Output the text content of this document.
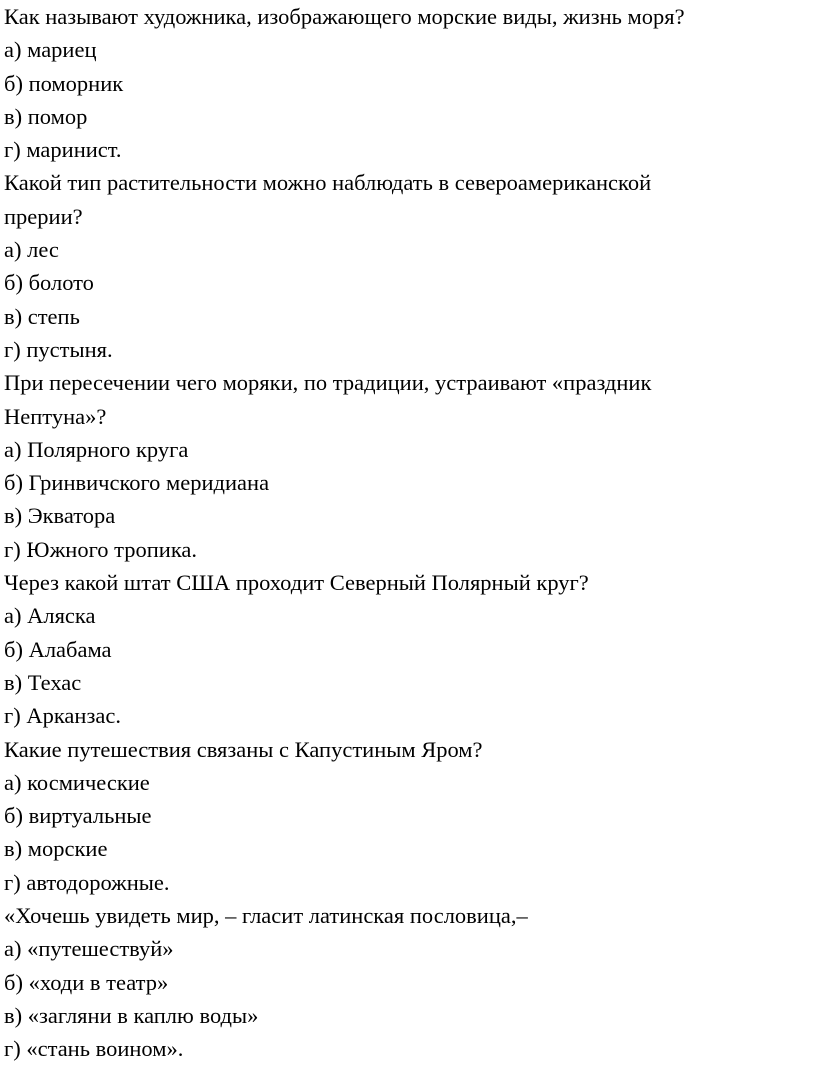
Как называют художника, изображающего морские виды, жизнь моря?
а) мариец
б) поморник
в) помор
г) маринист.
Какой тип растительности можно наблюдать в североамериканской
прерии?
а) лес
б) болото
в) степь
г) пустыня.
При пересечении чего моряки, по традиции, устраивают «праздник
Нептуна»?
а) Полярного круга
б) Гринвичского меридиана
в) Экватора
г) Южного тропика.
Через какой штат США проходит Северный Полярный круг?
а) Аляска
б) Алабама
в) Техас
г) Арканзас.
Какие путешествия связаны с Капустиным Яром?
а) космические
б) виртуальные
в) морские
г) автодорожные.
«Хочешь увидеть мир, – гласит латинская пословица,–
а) «путешествуй»
б) «ходи в театр»
в) «загляни в каплю воды»
г) «стань воином».
